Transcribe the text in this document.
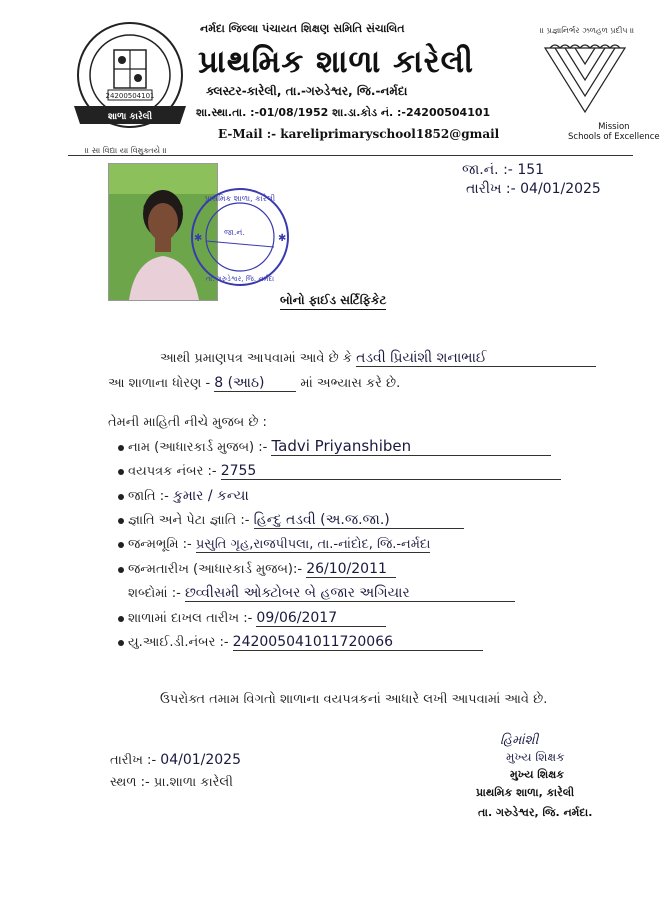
શાળા કારેલી
24200504101
નર્મદા જિલ્લા પંચાયત શિક્ષણ સમિતિ સંચાલિત	॥ પ્રજ્ઞાનિર્ભર ઝળહળ પ્રદીપ ॥
પ્રાથમિક શાળા કારેલી
ક્લસ્ટર-કારેલી, તા.-ગરુડેશ્વર, જિ.-નર્મદા
શા.સ્થા.તા. :-01/08/1952 શા.ડા.કોડ નં. :-24200504101
E-Mail :- kareliprimaryschool1852@gmail	Mission
Schools of Excellence
॥ સા વિદ્યા યા વિમુક્તયે ॥
જા.નં. :- 151
તારીખ :- 04/01/2025
પ્રાથમિક શાળા, કારેલી
જા.નં.
તા. ગરુડેશ્વર, જિ. નર્મદા
✱
✱
બોનો ફાઈડ સર્ટિફિકેટ
આથી પ્રમાણપત્ર આપવામાં આવે છે કે તડવી પ્રિયાંશી શનાભાઈ
આ શાળાના ધોરણ - 8 (આઠ)	માં અભ્યાસ કરે છે.
તેમની માહિતી નીચે મુજબ છે :
નામ (આધારકાર્ડ મુજબ) :- Tadvi Priyanshiben
વયપત્રક નંબર :- 2755
જાતિ :- કુમાર / કન્યા
જ્ઞાતિ અને પેટા જ્ઞાતિ :- હિન્દુ તડવી (અ.જ.જા.)
જન્મભૂમિ :- પ્રસુતિ ગૃહ,રાજપીપલા, તા.-નાંદોદ, જિ.-નર્મદા
જન્મતારીખ (આધારકાર્ડ મુજબ):- 26/10/2011
શબ્દોમાં :- છવ્વીસમી ઓક્ટોબર બે હજાર અગિયાર
શાળામાં દાખલ તારીખ :- 09/06/2017
યુ.આઈ.ડી.નંબર :- 242005041011720066
ઉપરોક્ત તમામ વિગતો શાળાના વયપત્રકનાં આધારે લખી આપવામાં આવે છે.
તારીખ :- 04/01/2025
સ્થળ :- પ્રા.શાળા કારેલી
હિમાંશી
મુખ્ય શિક્ષક
મુખ્ય શિક્ષક
પ્રાથમિક શાળા, કારેલી
તા. ગરુડેશ્વર, જિ. નર્મદા.
